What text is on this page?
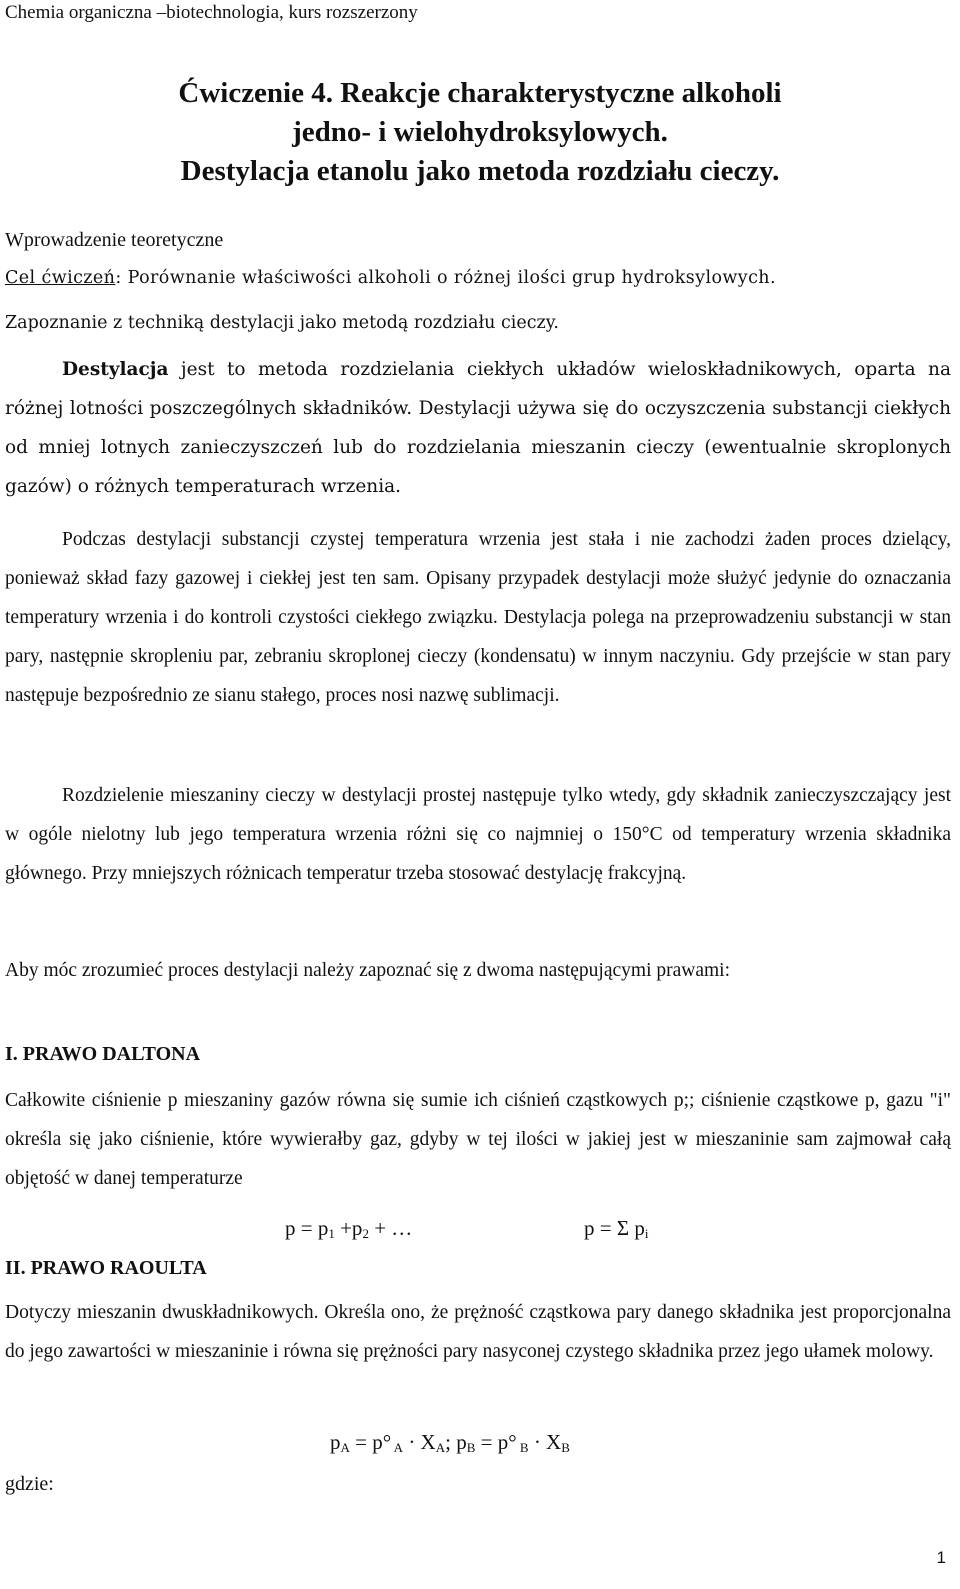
Chemia organiczna –biotechnologia, kurs rozszerzony
Ćwiczenie 4. Reakcje charakterystyczne alkoholi
jedno- i wielohydroksylowych.
Destylacja etanolu jako metoda rozdziału cieczy.
Wprowadzenie teoretyczne
Cel ćwiczeń: Porównanie właściwości alkoholi o różnej ilości grup hydroksylowych.
Zapoznanie z techniką destylacji jako metodą rozdziału cieczy.
Destylacja jest to metoda rozdzielania ciekłych układów wieloskładnikowych, oparta na różnej lotności poszczególnych składników. Destylacji używa się do oczyszczenia substancji ciekłych od mniej lotnych zanieczyszczeń lub do rozdzielania mieszanin cieczy (ewentualnie skroplonych gazów) o różnych temperaturach wrzenia.
Podczas destylacji substancji czystej temperatura wrzenia jest stała i nie zachodzi żaden proces dzielący, ponieważ skład fazy gazowej i ciekłej jest ten sam. Opisany przypadek destylacji może służyć jedynie do oznaczania temperatury wrzenia i do kontroli czystości ciekłego związku. Destylacja polega na przeprowadzeniu substancji w stan pary, następnie skropleniu par, zebraniu skroplonej cieczy (kondensatu) w innym naczyniu. Gdy przejście w stan pary następuje bezpośrednio ze sianu stałego, proces nosi nazwę sublimacji.
Rozdzielenie mieszaniny cieczy w destylacji prostej następuje tylko wtedy, gdy składnik zanieczyszczający jest w ogóle nielotny lub jego temperatura wrzenia różni się co najmniej o 150°C od temperatury wrzenia składnika głównego. Przy mniejszych różnicach temperatur trzeba stosować destylację frakcyjną.
Aby móc zrozumieć proces destylacji należy zapoznać się z dwoma następującymi prawami:
I. PRAWO DALTONA
Całkowite ciśnienie p mieszaniny gazów równa się sumie ich ciśnień cząstkowych p;; ciśnienie cząstkowe p, gazu "i" określa się jako ciśnienie, które wywierałby gaz, gdyby w tej ilości w jakiej jest w mieszaninie sam zajmował całą objętość w danej temperaturze
$p = p_1 +p_2$ + …	p = Σ $p_i$
II. PRAWO RAOULTA
Dotyczy mieszanin dwuskładnikowych. Określa ono, że prężność cząstkowa pary danego składnika jest proporcjonalna do jego zawartości w mieszaninie i równa się prężności pary nasyconej czystego składnika przez jego ułamek molowy.
$p_A = p^\circ$ $_A \cdot X_A$; $p_B = p^\circ$ $_B \cdot X_B$
gdzie:
1
